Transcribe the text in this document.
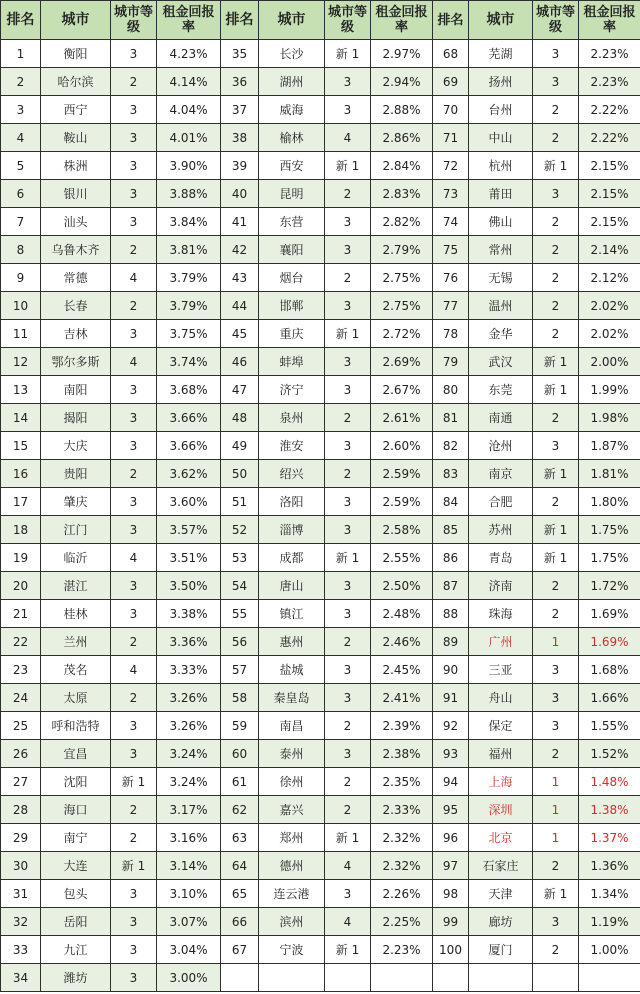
排名	城市	城市等级	租金回报率	排名	城市	城市等级	租金回报率	排名	城市	城市等级	租金回报率
1	衡阳	3	4.23%	35	长沙	新 1	2.97%	68	芜湖	3	2.23%
2	哈尔滨	2	4.14%	36	湖州	3	2.94%	69	扬州	3	2.23%
3	西宁	3	4.04%	37	威海	3	2.88%	70	台州	2	2.22%
4	鞍山	3	4.01%	38	榆林	4	2.86%	71	中山	2	2.22%
5	株洲	3	3.90%	39	西安	新 1	2.84%	72	杭州	新 1	2.15%
6	银川	3	3.88%	40	昆明	2	2.83%	73	莆田	3	2.15%
7	汕头	3	3.84%	41	东营	3	2.82%	74	佛山	2	2.15%
8	乌鲁木齐	2	3.81%	42	襄阳	3	2.79%	75	常州	2	2.14%
9	常德	4	3.79%	43	烟台	2	2.75%	76	无锡	2	2.12%
10	长春	2	3.79%	44	邯郸	3	2.75%	77	温州	2	2.02%
11	吉林	3	3.75%	45	重庆	新 1	2.72%	78	金华	2	2.02%
12	鄂尔多斯	4	3.74%	46	蚌埠	3	2.69%	79	武汉	新 1	2.00%
13	南阳	3	3.68%	47	济宁	3	2.67%	80	东莞	新 1	1.99%
14	揭阳	3	3.66%	48	泉州	2	2.61%	81	南通	2	1.98%
15	大庆	3	3.66%	49	淮安	3	2.60%	82	沧州	3	1.87%
16	贵阳	2	3.62%	50	绍兴	2	2.59%	83	南京	新 1	1.81%
17	肇庆	3	3.60%	51	洛阳	3	2.59%	84	合肥	2	1.80%
18	江门	3	3.57%	52	淄博	3	2.58%	85	苏州	新 1	1.75%
19	临沂	4	3.51%	53	成都	新 1	2.55%	86	青岛	新 1	1.75%
20	湛江	3	3.50%	54	唐山	3	2.50%	87	济南	2	1.72%
21	桂林	3	3.38%	55	镇江	3	2.48%	88	珠海	2	1.69%
22	兰州	2	3.36%	56	惠州	2	2.46%	89	广州	1	1.69%
23	茂名	4	3.33%	57	盐城	3	2.45%	90	三亚	3	1.68%
24	太原	2	3.26%	58	秦皇岛	3	2.41%	91	舟山	3	1.66%
25	呼和浩特	3	3.26%	59	南昌	2	2.39%	92	保定	3	1.55%
26	宜昌	3	3.24%	60	泰州	3	2.38%	93	福州	2	1.52%
27	沈阳	新 1	3.24%	61	徐州	2	2.35%	94	上海	1	1.48%
28	海口	2	3.17%	62	嘉兴	2	2.33%	95	深圳	1	1.38%
29	南宁	2	3.16%	63	郑州	新 1	2.32%	96	北京	1	1.37%
30	大连	新 1	3.14%	64	德州	4	2.32%	97	石家庄	2	1.36%
31	包头	3	3.10%	65	连云港	3	2.26%	98	天津	新 1	1.34%
32	岳阳	3	3.07%	66	滨州	4	2.25%	99	廊坊	3	1.19%
33	九江	3	3.04%	67	宁波	新 1	2.23%	100	厦门	2	1.00%
34	潍坊	3	3.00%								
